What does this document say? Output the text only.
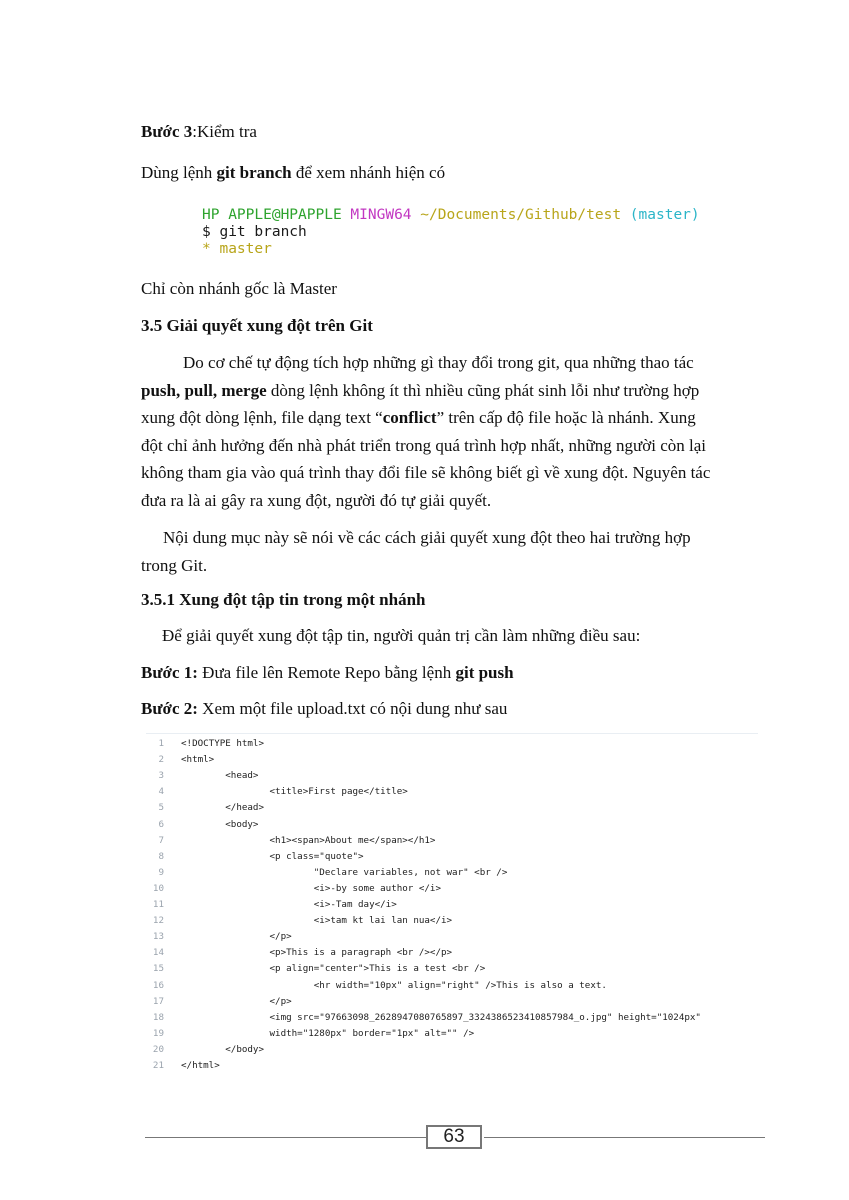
Bước 3:Kiểm tra
Dùng lệnh git branch để xem nhánh hiện có
HP APPLE@HPAPPLE MINGW64 ~/Documents/Github/test (master)
$ git branch
* master
Chỉ còn nhánh gốc là Master
3.5 Giải quyết xung đột trên Git
Do cơ chế tự động tích hợp những gì thay đổi trong git, qua những thao tác
push, pull, merge dòng lệnh không ít thì nhiều cũng phát sinh lỗi như trường hợp
xung đột dòng lệnh, file dạng text “conflict” trên cấp độ file hoặc là nhánh. Xung
đột chỉ ảnh hưởng đến nhà phát triển trong quá trình hợp nhất, những người còn lại
không tham gia vào quá trình thay đổi file sẽ không biết gì về xung đột. Nguyên tác
đưa ra là ai gây ra xung đột, người đó tự giải quyết.
Nội dung mục này sẽ nói về các cách giải quyết xung đột theo hai trường hợp
trong Git.
3.5.1 Xung đột tập tin trong một nhánh
Để giải quyết xung đột tập tin, người quản trị cần làm những điều sau:
Bước 1: Đưa file lên Remote Repo bằng lệnh git push
Bước 2: Xem một file upload.txt có nội dung như sau
1 <!DOCTYPE html>
2 <html>
3 <head>
4 <title>First page</title>
5 </head>
6 <body>
7 <h1><span>About me</span></h1>
8 <p class="quote">
9 "Declare variables, not war" <br />
10 <i>-by some author </i>
11 <i>-Tam day</i>
12 <i>tam kt lai lan nua</i>
13 </p>
14 <p>This is a paragraph <br /></p>
15 <p align="center">This is a test <br />
16 <hr width="10px" align="right" />This is also a text.
17 </p>
18 <img src="97663098_2628947080765897_3324386523410857984_o.jpg" height="1024px"
19 width="1280px" border="1px" alt="" />
20 </body>
21 </html>
63
